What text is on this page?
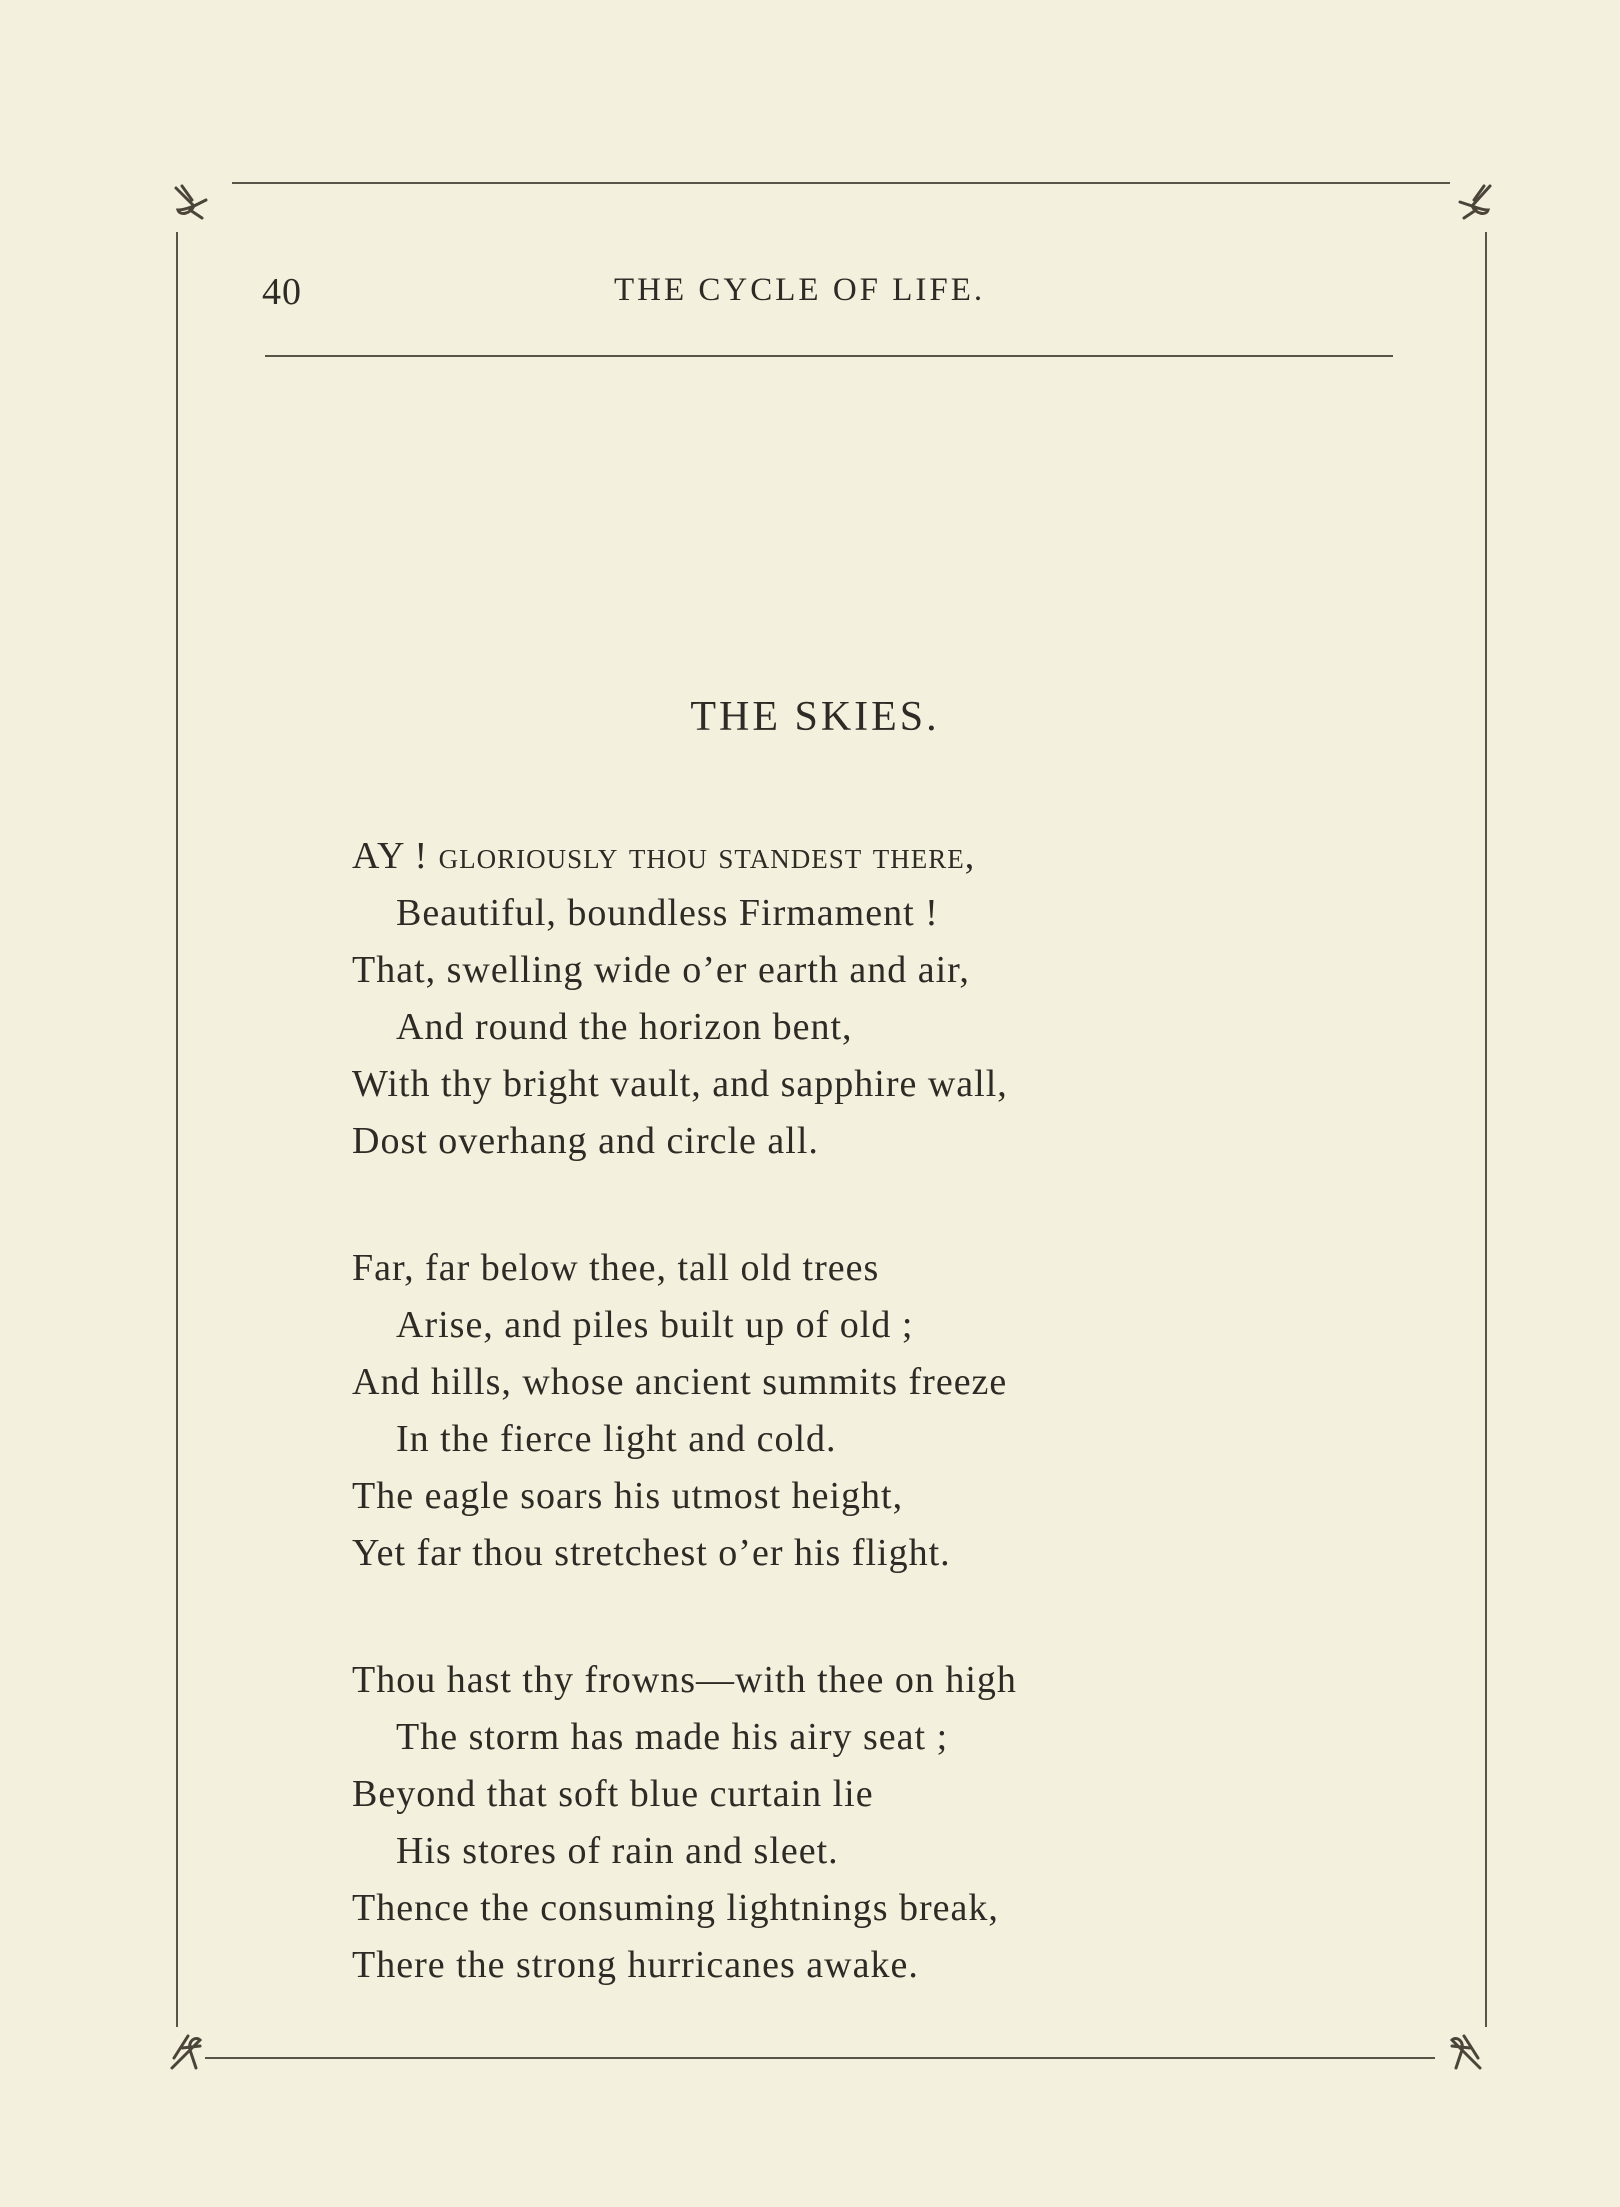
40	THE CYCLE OF LIFE.
THE SKIES.
AY ! gloriously thou standest there,
Beautiful, boundless Firmament !
That, swelling wide o’er earth and air,
And round the horizon bent,
With thy bright vault, and sapphire wall,
Dost overhang and circle all.
Far, far below thee, tall old trees
Arise, and piles built up of old ;
And hills, whose ancient summits freeze
In the fierce light and cold.
The eagle soars his utmost height,
Yet far thou stretchest o’er his flight.
Thou hast thy frowns—with thee on high
The storm has made his airy seat ;
Beyond that soft blue curtain lie
His stores of rain and sleet.
Thence the consuming lightnings break,
There the strong hurricanes awake.
